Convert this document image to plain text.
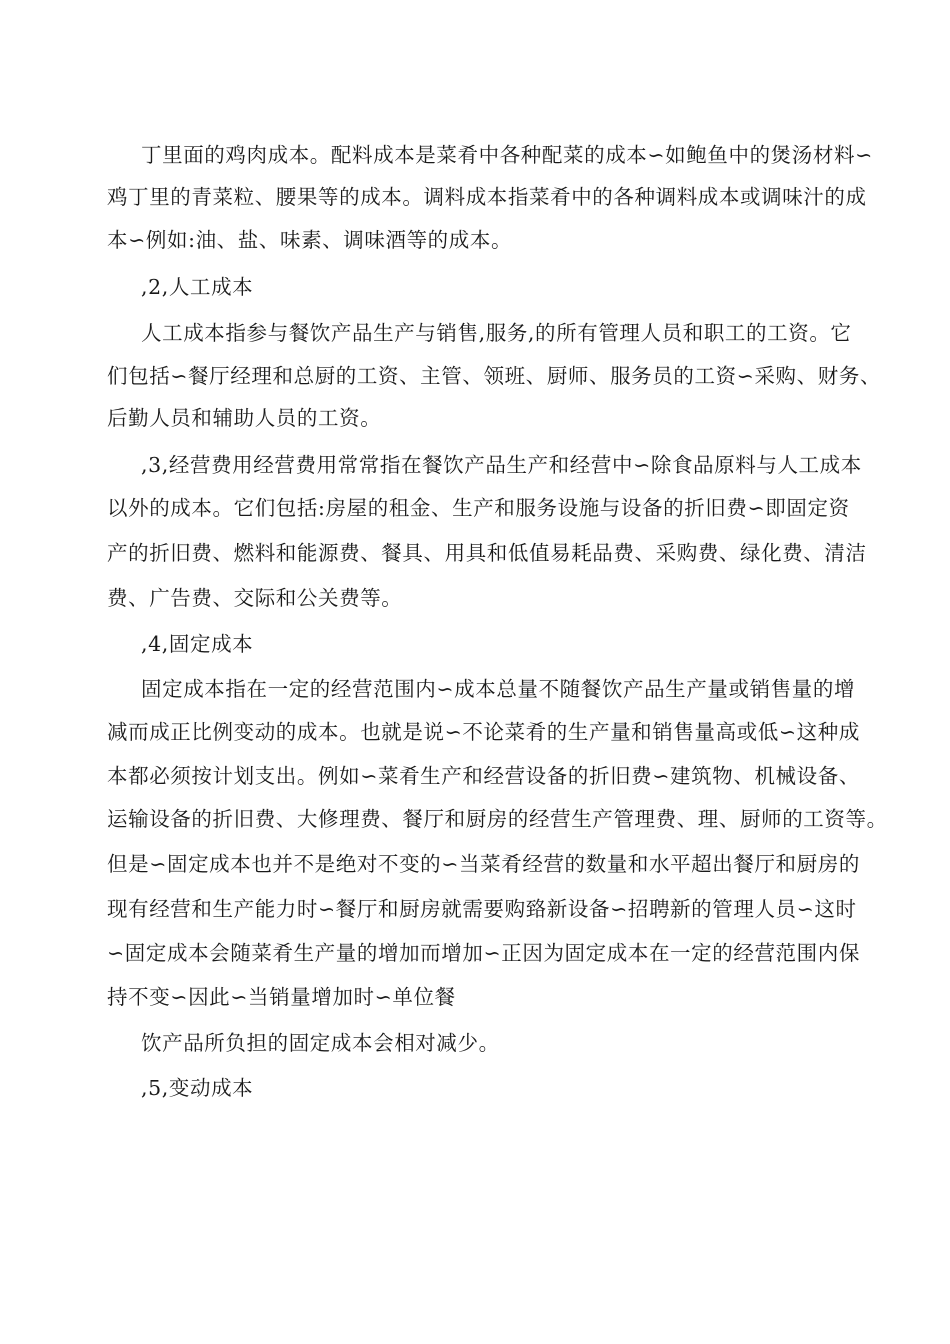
丁里面的鸡肉成本。配料成本是菜肴中各种配菜的成本∽如鲍鱼中的煲汤材料∽
鸡丁里的青菜粒、腰果等的成本。调料成本指菜肴中的各种调料成本或调味汁的成
本∽例如:油、盐、味素、调味酒等的成本。
,2,人工成本
人工成本指参与餐饮产品生产与销售,服务,的所有管理人员和职工的工资。它
们包括∽餐厅经理和总厨的工资、主管、领班、厨师、服务员的工资∽采购、财务、
后勤人员和辅助人员的工资。
,3,经营费用经营费用常常指在餐饮产品生产和经营中∽除食品原料与人工成本
以外的成本。它们包括:房屋的租金、生产和服务设施与设备的折旧费∽即固定资
产的折旧费、燃料和能源费、餐具、用具和低值易耗品费、采购费、绿化费、清洁
费、广告费、交际和公关费等。
,4,固定成本
固定成本指在一定的经营范围内∽成本总量不随餐饮产品生产量或销售量的增
减而成正比例变动的成本。也就是说∽不论菜肴的生产量和销售量高或低∽这种成
本都必须按计划支出。例如∽菜肴生产和经营设备的折旧费∽建筑物、机械设备、
运输设备的折旧费、大修理费、餐厅和厨房的经营生产管理费、理、厨师的工资等。
但是∽固定成本也并不是绝对不变的∽当菜肴经营的数量和水平超出餐厅和厨房的
现有经营和生产能力时∽餐厅和厨房就需要购臵新设备∽招聘新的管理人员∽这时
∽固定成本会随菜肴生产量的增加而增加∽正因为固定成本在一定的经营范围内保
持不变∽因此∽当销量增加时∽单位餐
饮产品所负担的固定成本会相对减少。
,5,变动成本
